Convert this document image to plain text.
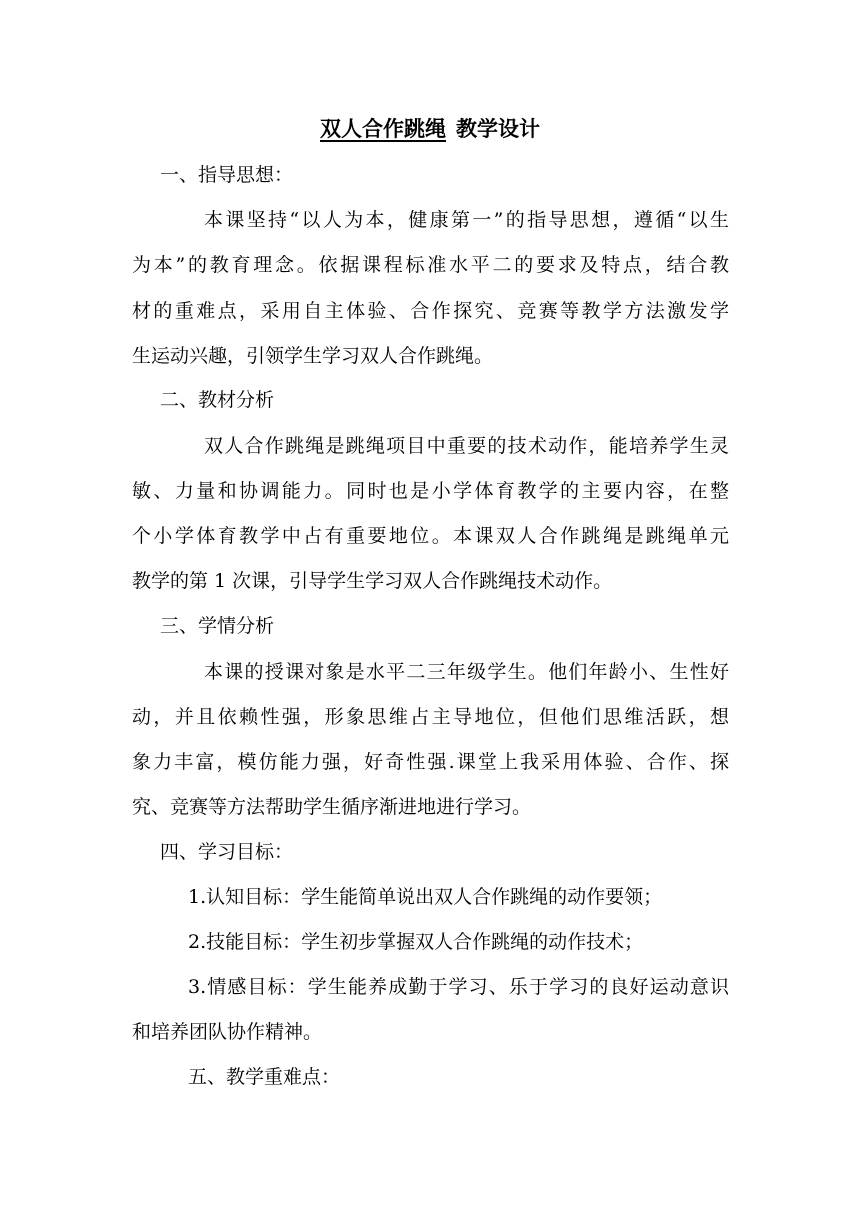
双人合作跳绳 教学设计
一、指导思想：
本课坚持“以人为本，健康第一”的指导思想，遵循“以生
为本”的教育理念。依据课程标准水平二的要求及特点，结合教
材的重难点，采用自主体验、合作探究、竞赛等教学方法激发学
生运动兴趣，引领学生学习双人合作跳绳。
二、教材分析
双人合作跳绳是跳绳项目中重要的技术动作，能培养学生灵
敏、力量和协调能力。同时也是小学体育教学的主要内容，在整
个小学体育教学中占有重要地位。本课双人合作跳绳是跳绳单元
教学的第 1 次课，引导学生学习双人合作跳绳技术动作。
三、学情分析
本课的授课对象是水平二三年级学生。他们年龄小、生性好
动，并且依赖性强，形象思维占主导地位，但他们思维活跃，想
象力丰富，模仿能力强，好奇性强.课堂上我采用体验、合作、探
究、竞赛等方法帮助学生循序渐进地进行学习。
四、学习目标：
1.认知目标：学生能简单说出双人合作跳绳的动作要领；
2.技能目标：学生初步掌握双人合作跳绳的动作技术；
3.情感目标：学生能养成勤于学习、乐于学习的良好运动意识
和培养团队协作精神。
五、教学重难点：
